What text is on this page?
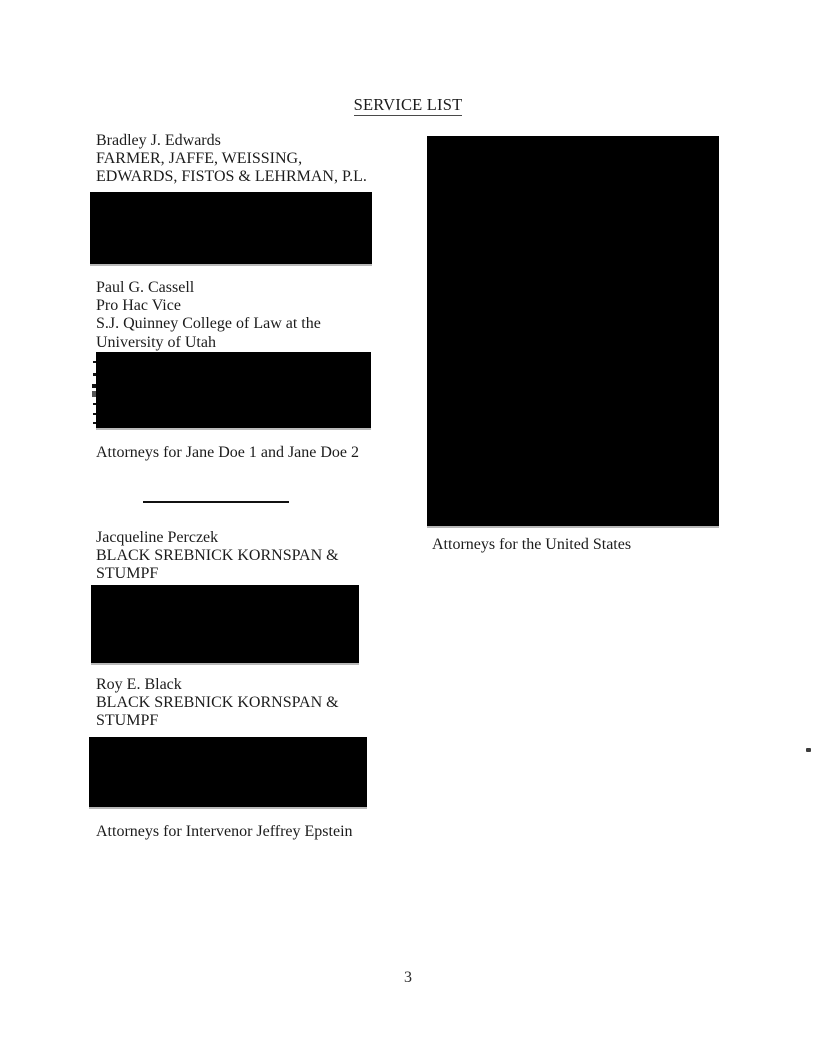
SERVICE LIST
Bradley J. Edwards
FARMER, JAFFE, WEISSING,
EDWARDS, FISTOS & LEHRMAN, P.L.
Paul G. Cassell
Pro Hac Vice
S.J. Quinney College of Law at the
University of Utah
Attorneys for Jane Doe 1 and Jane Doe 2
Jacqueline Perczek
BLACK SREBNICK KORNSPAN &
STUMPF
Roy E. Black
BLACK SREBNICK KORNSPAN &
STUMPF
Attorneys for Intervenor Jeffrey Epstein
Attorneys for the United States
3
